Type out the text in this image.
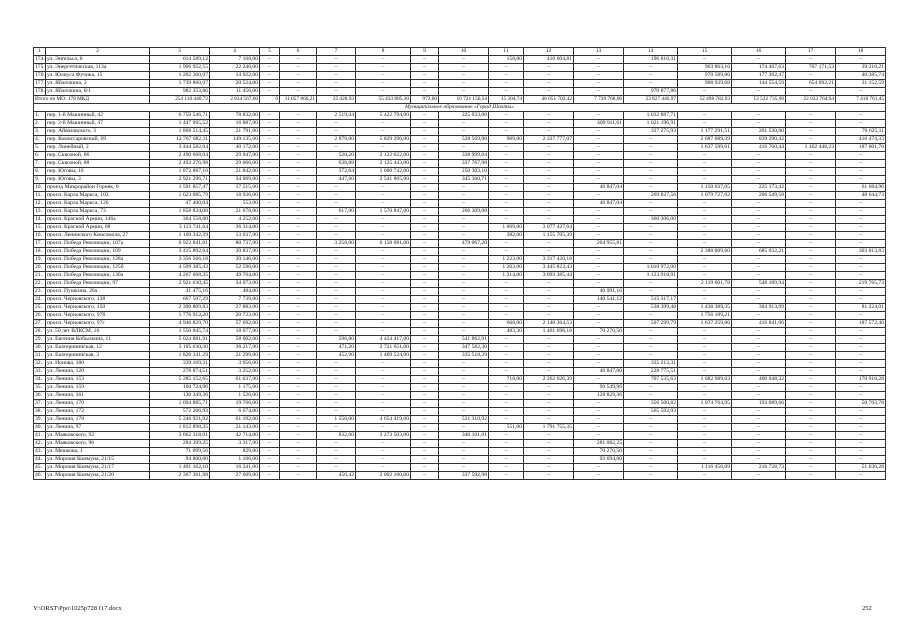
1	2	3	4	5	6	7	8	9	10	11	12	13	14	15	16	17	18
174.	ул. Энгельса, 8	614 589,12	7 168,00	–	–	–	–	–	–	158,80	410 604,81	–	196 816,31	–	–	–	–
175.	ул. Энергетическая, 113а	1 906 952,55	22 240,00	–	–	–	–	–	–	–	–	–	–	963 863,16	174 467,63	707 171,53	39 210,21
176.	ул. Юлиуса Фучика, 15	1 202 360,07	14 022,00	–	–	–	–	–	–	–	–	–	–	970 589,86	177 362,47	–	40 385,74
177.	ул. Яблочкина, 2	1 739 860,07	20 524,00	–	–	–	–	–	–	–	–	–	–	908 939,68	144 554,59	654 692,21	31 152,59
178.	ул. Яблочкина, 8/1	982 353,86	11 456,00	–	–	–	–	–	–	–	–	–	970 877,86	–	–	–	–
Итого по МО: 178 МКД		254 110 440,72	2 834 567,00	6	11 057 866,21	25 428,93	55 433 885,30	972,00	10 721 156,54	15 304,74	46 051 703,42	7 739 768,06	23 827 446,97	52 498 782,93	13 522 735,90	22 033 764,94	7 418 761,45
Муниципальное образование «Город Шахты»																	
1.	пер. 1-й Машинный, 42	6 759 546,71	78 832,00	–	–	2 519,44	5 422 794,00	–	225 033,00	–	–	–	1 032 887,71	–	–	–	–
2.	пер. 2-й Машинный, 47	1 447 995,52	16 887,00	–	–	–	–	–	–	–	–	409 911,61	1 021 196,91	–	–	–	–
3.	пер. Айвазовского, 3	1 868 514,45	21 791,00	–	–	–	–	–	–	–	–	–	337 275,93	1 177 291,51	261 530,90	–	70 625,11
4.	пер. Комиссаровский, 69	12 787 682,11	149 135,00	–	–	2 879,00	5 829 396,00	–	528 569,90	969,00	2 337 777,07	–	–	2 687 089,39	839 290,42	–	416 474,33
5.	пер. Линейный, 2	3 444 582,04	40 172,00	–	–	–	–	–	–	–	–	–	–	1 637 599,61	416 760,44	1 162 448,23	187 601,76
6.	пер. Сквозной, 86	2 490 668,04	29 047,00	–	–	520,20	2 122 622,00	–	338 999,04	–	–	–	–	–	–	–	–
7.	пер. Сквозной, 88	2 492 276,98	29 066,00	–	–	638,88	2 125 443,00	–	337 767,98	–	–	–	–	–	–	–	–
8.	пер. Юговы, 10	1 872 887,10	21 842,00	–	–	372,64	1 600 742,00	–	250 303,10	–	–	–	–	–	–	–	–
9.	пер. Юговы, 3	2 921 296,71	34 069,00	–	–	447,60	2 541 865,00	–	345 360,71	–	–	–	–	–	–	–	–
10.	проезд Микрорайон Горняк, 6	1 591 857,47	17 515,00	–	–	–	–	–	–	–	–	46 847,04	–	1 150 637,05	225 173,42	–	61 684,96
11.	просп. Карла Маркса, 103	1 623 085,79	18 936,00	–	–	–	–	–	–	–	–	–	269 827,56	1 079 727,62	206 549,58	–	48 644,73
12.	просп. Карла Маркса, 126	47 400,04	553,00	–	–	–	–	–	–	–	–	46 847,04	–	–	–	–	–
13.	просп. Карла Маркса, 73	1 858 834,08	21 678,00	–	–	617,00	1 570 847,00	–	266 309,08	–	–	–	–	–	–	–	–
14.	просп. Красной Армии, 146а	364 558,00	4 252,00	–	–	–	–	–	–	–	–	–	360 306,00	–	–	–	–
15.	просп. Красной Армии, 68	3 113 741,64	36 314,00	–	–	–	–	–	–	1 069,00	3 077 427,64	–	–	–	–	–	–
16.	просп. Ленинского Комсомола, 27	1 169 342,39	13 637,00	–	–	–	–	–	–	382,00	1 155 705,39	–	–	–	–	–	–
17.	просп. Победа Революции, 107а	6 922 841,01	80 737,00	–	–	3 258,00	6 158 081,00	–	479 067,20	–	–	204 955,81	–	–	–	–	–
18.	просп. Победа Революции, 109	3 415 892,64	39 837,00	–	–	–	–	–	–	–	–	–	–	2 388 009,60	685 032,21	–	303 013,83
19.	просп. Победа Революции, 128а	3 356 566,18	39 146,00	–	–	–	–	–	–	1 223,00	3 317 420,18	–	–	–	–	–	–
20.	просп. Победа Революции, 125б	4 509 385,43	52 590,00	–	–	–	–	–	–	1 203,00	3 445 823,43	–	1 010 972,00	–	–	–	–
21.	просп. Победа Революции, 130а	4 267 068,35	49 764,00	–	–	–	–	–	–	1 214,00	3 093 385,44	–	1 123 918,91	–	–	–	–
22.	просп. Победа Революции, 97	2 921 630,45	34 073,00	–	–	–	–	–	–	–	–	–	–	2 119 601,78	548 189,94	–	219 765,73
23.	просп. Пушкина, 20а	41 475,16	484,00	–	–	–	–	–	–	–	–	40 991,16	–	–	–	–	–
24.	просп. Черновского, 138	667 597,29	7 739,00	–	–	–	–	–	–	–	–	140 541,12	515 317,17	–	–	–	–
25.	просп. Черновского, 150	2 390 809,83	27 883,00	–	–	–	–	–	–	–	–	–	538 399,48	1 438 389,35	304 913,99	–	81 224,01
26.	просп. Черновского, 97б	1 776 912,20	20 723,00	–	–	–	–	–	–	–	–	–	–	1 756 189,21	–	–	–
27.	просп. Черновского, 97г	4 946 829,70	57 692,00	–	–	–	–	–	–	668,00	2 140 364,53	–	507 299,79	1 637 259,86	416 841,06	–	187 572,46
28.	ул. 50 лет ВЛКСМ, 16	1 550 045,74	18 077,00	–	–	–	–	–	–	483,30	1 461 698,18	70 270,56	–	–	–	–	–
29.	ул. Евгения Кобылкина, 11	5 024 881,91	58 602,00	–	–	596,80	4 424 417,00	–	541 862,91	–	–	–	–	–	–	–	–
30.	ул. Екатерининская, 12	3 105 630,30	36 217,00	–	–	471,20	2 721 651,00	–	347 582,30	–	–	–	–	–	–	–	–
31.	ул. Екатерининская, 3	1 826 341,29	21 299,00	–	–	452,90	1 469 524,00	–	335 518,29	–	–	–	–	–	–	–	–
32.	ул. Ионова, 180	339 169,31	3 956,00	–	–	–	–	–	–	–	–	–	335 213,31	–	–	–	–
33.	ул. Ленина, 120	278 874,51	3 252,00	–	–	–	–	–	–	–	–	46 847,00	228 775,51	–	–	–	–
34.	ул. Ленина, 153	5 285 152,65	61 637,00	–	–	–	–	–	–	718,00	2 262 026,39	–	707 535,63	1 682 989,03	400 048,32	–	170 916,28
35.	ул. Ленина, 159	100 724,96	1 175,00	–	–	–	–	–	–	–	–	99 549,96	–	–	–	–	–
36.	ул. Ленина, 161	130 349,36	1 520,00	–	–	–	–	–	–	–	–	128 829,36	–	–	–	–	–
37.	ул. Ленина, 170	1 694 885,71	19 766,00	–	–	–	–	–	–	–	–	–	356 500,82	1 074 764,95	193 089,66	–	50 763,78
38.	ул. Ленина, 172	572 266,93	6 674,00	–	–	–	–	–	–	–	–	–	565 592,93	–	–	–	–
39.	ул. Ленина, 178	5 246 921,92	61 192,00	–	–	1 550,00	4 654 419,00	–	531 310,92	–	–	–	–	–	–	–	–
40.	ул. Ленина, 97	1 812 898,35	21 143,00	–	–	–	–	–	–	551,00	1 791 755,35	–	–	–	–	–	–
41.	ул. Маяковского, 92	3 662 318,01	42 714,00	–	–	832,60	3 273 503,00	–	346 101,01	–	–	–	–	–	–	–	–
42.	ул. Маяковского, 96	284 399,25	3 317,00	–	–	–	–	–	–	–	–	281 082,25	–	–	–	–	–
43.	ул. Мешкова, 1	71 099,56	829,00	–	–	–	–	–	–	–	–	70 270,56	–	–	–	–	–
44.	ул. Мирошя Коммуна, 21/15	94 800,00	1 106,00	–	–	–	–	–	–	–	–	93 694,00	–	–	–	–	–
45.	ул. Мирошя Коммуна, 21/17	1 401 162,10	16 341,00	–	–	–	–	–	–	–	–	–	–	1 116 456,09	216 728,73	–	51 636,28
46.	ул. Мирошя Коммуна, 21/20	2 367 361,98	27 609,00	–	–	456,42	2 002 160,00	–	337 592,98	–	–	–	–	–	–	–	–
Y:\ORST\Ppo\1025p728 f17.docx	252
